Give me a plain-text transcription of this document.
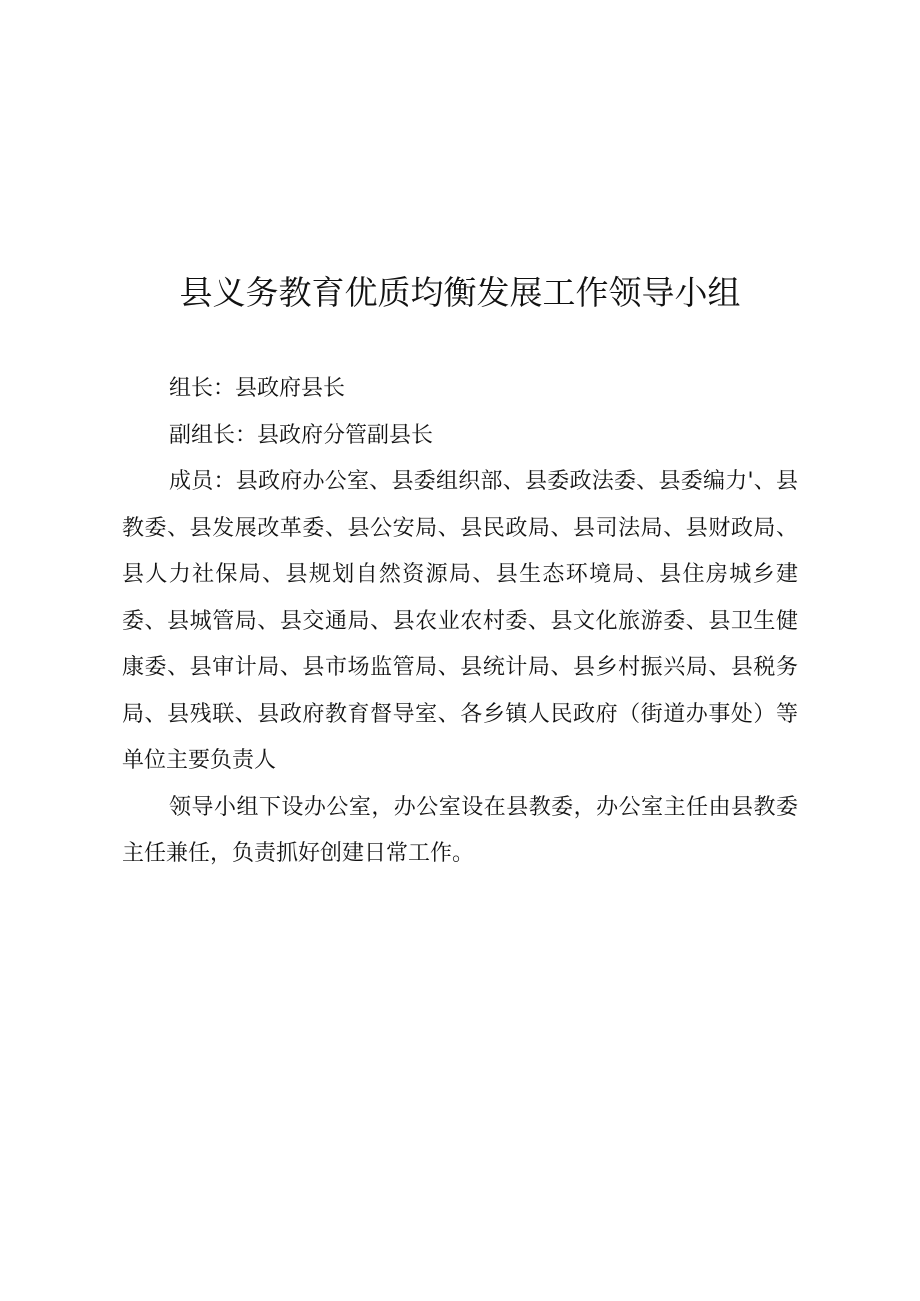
县义务教育优质均衡发展工作领导小组

组长：县政府县长

副组长：县政府分管副县长

成员：县政府办公室、县委组织部、县委政法委、县委编力'、县教委、县发展改革委、县公安局、县民政局、县司法局、县财政局、县人力社保局、县规划自然资源局、县生态环境局、县住房城乡建委、县城管局、县交通局、县农业农村委、县文化旅游委、县卫生健康委、县审计局、县市场监管局、县统计局、县乡村振兴局、县税务局、县残联、县政府教育督导室、各乡镇人民政府（街道办事处）等单位主要负责人

领导小组下设办公室，办公室设在县教委，办公室主任由县教委主任兼任，负责抓好创建日常工作。
